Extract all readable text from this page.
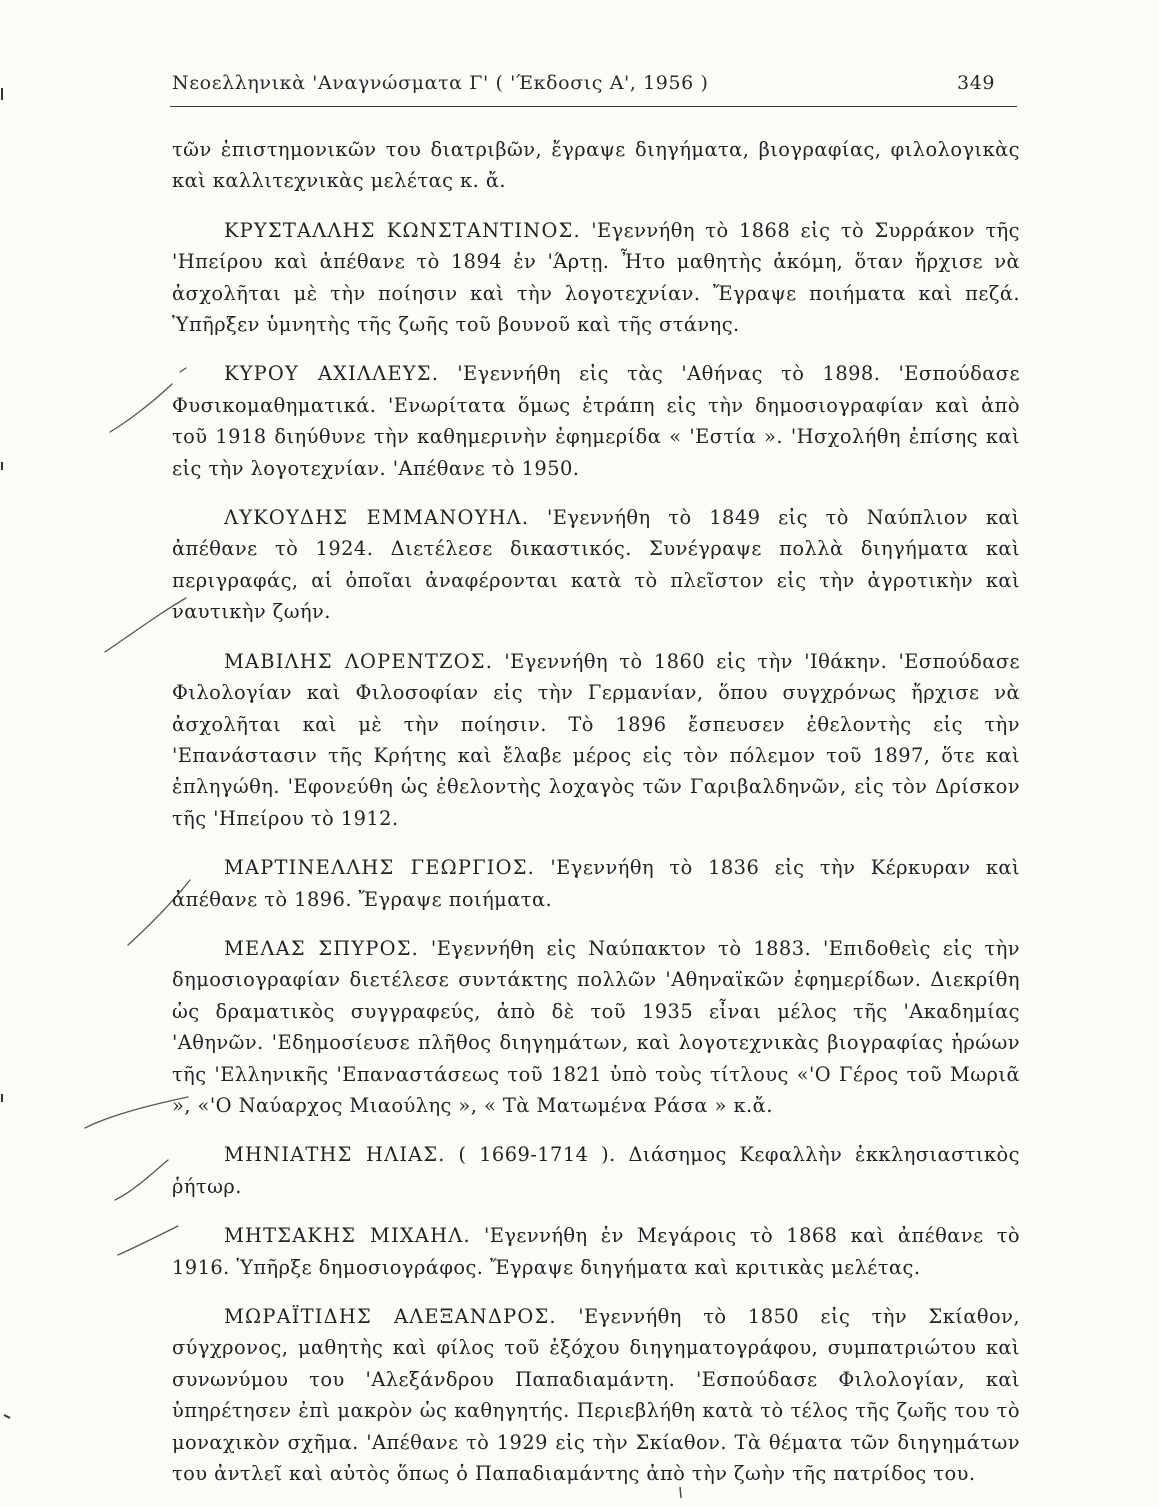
Νεοελληνικὰ 'Αναγνώσματα Γ' ( 'Έκδοσις Α', 1956 )	349

τῶν ἐπιστημονικῶν του διατριβῶν, ἔγραψε διηγήματα, βιογραφίας, φιλολογικὰς καὶ καλλιτεχνικὰς μελέτας κ. ἄ.

ΚΡΥΣΤΑΛΛΗΣ ΚΩΝΣΤΑΝΤΙΝΟΣ. 'Εγεννήθη τὸ 1868 εἰς τὸ Συρράκον τῆς 'Ηπείρου καὶ ἀπέθανε τὸ 1894 ἐν 'Άρτῃ. Ἦτο μαθητὴς ἀκόμη, ὅταν ἤρχισε νὰ ἀσχολῆται μὲ τὴν ποίησιν καὶ τὴν λογοτεχνίαν. Ἔγραψε ποιήματα καὶ πεζά. Ὑπῆρξεν ὑμνητὴς τῆς ζωῆς τοῦ βουνοῦ καὶ τῆς στάνης.

ΚΥΡΟΥ ΑΧΙΛΛΕΥΣ. 'Εγεννήθη εἰς τὰς 'Αθήνας τὸ 1898. 'Εσπούδασε Φυσικομαθηματικά. 'Ενωρίτατα ὅμως ἐτράπη εἰς τὴν δημοσιογραφίαν καὶ ἀπὸ τοῦ 1918 διηύθυνε τὴν καθημερινὴν ἐφημερίδα « 'Εστία ». 'Ησχολήθη ἐπίσης καὶ εἰς τὴν λογοτεχνίαν. 'Απέθανε τὸ 1950.

ΛΥΚΟΥΔΗΣ ΕΜΜΑΝΟΥΗΛ. 'Εγεννήθη τὸ 1849 εἰς τὸ Ναύπλιον καὶ ἀπέθανε τὸ 1924. Διετέλεσε δικαστικός. Συνέγραψε πολλὰ διηγήματα καὶ περιγραφάς, αἱ ὁποῖαι ἀναφέρονται κατὰ τὸ πλεῖστον εἰς τὴν ἀγροτικὴν καὶ ναυτικὴν ζωήν.

ΜΑΒΙΛΗΣ ΛΟΡΕΝΤΖΟΣ. 'Εγεννήθη τὸ 1860 εἰς τὴν 'Ιθάκην. 'Εσπούδασε Φιλολογίαν καὶ Φιλοσοφίαν εἰς τὴν Γερμανίαν, ὅπου συγχρόνως ἤρχισε νὰ ἀσχολῆται καὶ μὲ τὴν ποίησιν. Τὸ 1896 ἔσπευσεν ἐθελοντὴς εἰς τὴν 'Επανάστασιν τῆς Κρήτης καὶ ἔλαβε μέρος εἰς τὸν πόλεμον τοῦ 1897, ὅτε καὶ ἐπληγώθη. 'Εφονεύθη ὡς ἐθελοντὴς λοχαγὸς τῶν Γαριβαλδηνῶν, εἰς τὸν Δρίσκον τῆς 'Ηπείρου τὸ 1912.

ΜΑΡΤΙΝΕΛΛΗΣ ΓΕΩΡΓΙΟΣ. 'Εγεννήθη τὸ 1836 εἰς τὴν Κέρκυραν καὶ ἀπέθανε τὸ 1896. Ἔγραψε ποιήματα.

ΜΕΛΑΣ ΣΠΥΡΟΣ. 'Εγεννήθη εἰς Ναύπακτον τὸ 1883. 'Επιδοθεὶς εἰς τὴν δημοσιογραφίαν διετέλεσε συντάκτης πολλῶν 'Αθηναϊκῶν ἐφημερίδων. Διεκρίθη ὡς δραματικὸς συγγραφεύς, ἀπὸ δὲ τοῦ 1935 εἶναι μέλος τῆς 'Ακαδημίας 'Αθηνῶν. 'Εδημοσίευσε πλῆθος διηγημάτων, καὶ λογοτεχνικὰς βιογραφίας ἡρώων τῆς 'Ελληνικῆς 'Επαναστάσεως τοῦ 1821 ὑπὸ τοὺς τίτλους «'Ο Γέρος τοῦ Μωριᾶ », «'Ο Ναύαρχος Μιαούλης », « Τὰ Ματωμένα Ράσα » κ.ἄ.

ΜΗΝΙΑΤΗΣ ΗΛΙΑΣ. ( 1669-1714 ). Διάσημος Κεφαλλὴν ἐκκλησιαστικὸς ῥήτωρ.

ΜΗΤΣΑΚΗΣ ΜΙΧΑΗΛ. 'Εγεννήθη ἐν Μεγάροις τὸ 1868 καὶ ἀπέθανε τὸ 1916. Ὑπῆρξε δημοσιογράφος. Ἔγραψε διηγήματα καὶ κριτικὰς μελέτας.

ΜΩΡΑΪΤΙΔΗΣ ΑΛΕΞΑΝΔΡΟΣ. 'Εγεννήθη τὸ 1850 εἰς τὴν Σκίαθον, σύγχρονος, μαθητὴς καὶ φίλος τοῦ ἐξόχου διηγηματογράφου, συμπατριώτου καὶ συνωνύμου του 'Αλεξάνδρου Παπαδιαμάντη. 'Εσπούδασε Φιλολογίαν, καὶ ὑπηρέτησεν ἐπὶ μακρὸν ὡς καθηγητής. Περιεβλήθη κατὰ τὸ τέλος τῆς ζωῆς του τὸ μοναχικὸν σχῆμα. 'Απέθανε τὸ 1929 εἰς τὴν Σκίαθον. Τὰ θέματα τῶν διηγημάτων του ἀντλεῖ καὶ αὐτὸς ὅπως ὁ Παπαδιαμάντης ἀπὸ τὴν ζωὴν τῆς πατρίδος του.
